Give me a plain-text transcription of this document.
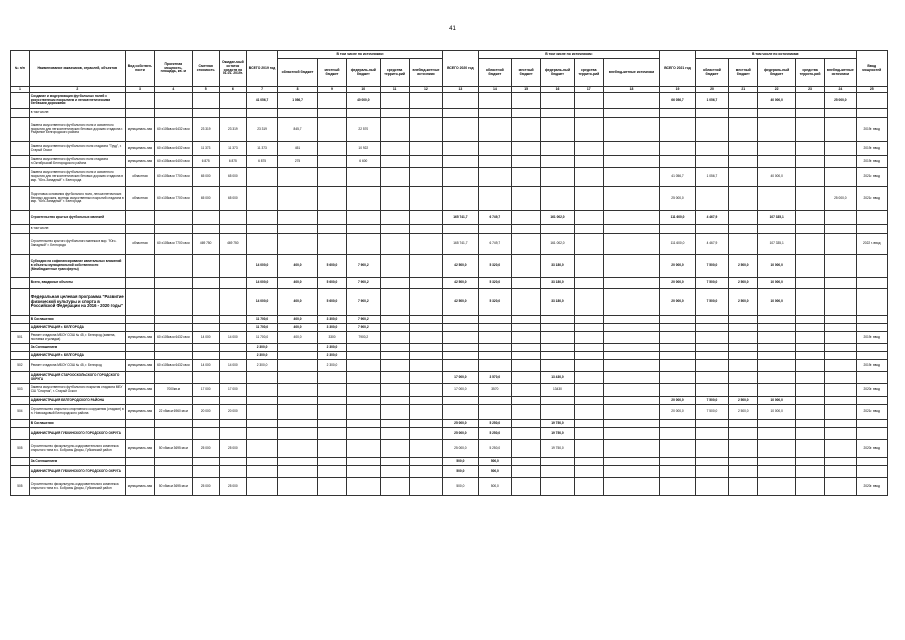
41
№ п/п	Наименование заказчиков, отраслей, объектов	Вид собствен-ности	Проектная мощность, площадь, кв. м	Сметная стоимость	Ожидае-мый остаток средств на 01.01. 2019г.	ВСЕГО 2019 год	В том числе по источникам:					ВСЕГО 2020 год	В том числе по источникам:					ВСЕГО 2021 год	В том числе по источникам:					Ввод мощностей
							областной бюджет	местный бюджет	федераль-ный бюджет	средства террито-рий	внебюд-жетные источники		областной бюджет	местный бюджет	федераль-ный бюджет	средства террито-рий	внебюд-жетные источники		областной бюджет	местный бюджет	федераль-ный бюджет	средства террито-рий	внебюд-жетные источники	
1	2	3	4	5	6	7	8	9	10	11	12	13	14	15	16	17	18	19	20	21	22	23	24	25
	Создание и модернизация футбольных полей с искусственным покрытием и легкоатлетическими беговыми дорожками					41 056,7	1 056,7		40 000,0									66 056,7	1 056,7		40 000,0		25 000,0	
	в том числе:																							
	Замена искусственного футбольного поля и освоенного покрытия для легкоатлетических беговых дорожек стадиона г. Разумное Белгородского района	муниципаль-ная	60 х105кв.м 6432 кв.м	23 319	23 319	23 319	845,7		22 570															2019г. ввод
	Замена искусственного футбольного поля стадиона "Труд", г. Старый Оскол	муниципаль-ная	60 х105кв.м 6432 кв.м	11 373	11 373	11 373	451		10 922															2019г. ввод
	Замена искусственного футбольного поля стадиона п.Октябрьский Белгородского района	муниципаль-ная	60 х105кв.м 6400 кв.м	6 875	6 875	6 875	275		6 600															2019г. ввод
	Замена искусственного футбольного поля и освоенного покрытия для легкоатлетических беговых дорожек стадиона в мкр. "Юго-Западный" г. Белгорода	областная	60 х105кв.м 7700 кв.м	65 000	65 000													41 056,7	1 056,7		40 000,0			2021г. ввод
	Подготовка основания футбольного поля, легкоатлетических беговых дорожек, монтаж искусственных покрытий стадиона в мкр. "Юго-Западный" г. Белгорода	областная	60 х105кв.м 7700 кв.м	65 000	65 000													25 000,0					25 000,0	2021г. ввод
	Строительство крытых футбольных манежей											165 741,7	6 749,7		161 002,0			111 600,0	4 467,9		107 335,1			
	в том числе:																							
	Строительство крытого футбольного манежа в мкр. "Юго-Западный" г. Белгорода	областная	60 х105кв.м 7700 кв.м	469 750	469 750							165 741,7	6 749,7		161 002,0			111 600,0	4 467,9		107 335,1			2022 г. ввод
	Субсидии на софинансирование капитальных вложений в объекты муниципальной собственности (Межбюджетные трансферты)					14 000,0	400,0	5 600,0	7 900,2			42 500,0	5 320,0		33 180,0			20 000,0	7 500,0	2 500,0	10 000,0			
	Всего, вводимые объекты					14 000,0	400,0	5 600,0	7 900,2			42 500,0	5 320,0		33 180,0			20 000,0	7 500,0	2 500,0	10 000,0			
	Федеральная целевая программа "Развитие физической культуры и спорта в Российской Федерации на 2016 - 2020 годы"					14 000,0	400,0	5 600,0	7 900,2			42 500,0	5 320,0		33 180,0			20 000,0	7 500,0	2 500,0	10 000,0			
	В Соглашении					11 700,0	400,0	3 300,0	7 900,2															
	АДМИНИСТРАЦИЯ г. БЕЛГОРОДА					11 700,0	400,0	3 300,0	7 900,2															
501	Ремонт стадиона МБОУ СОШ № 45, г. Белгород (замена, поставка и укладка)	муниципаль-ная	60 х105кв.м 6432 кв.м	14 000	14 000	11 700,0	400,0	3300	7900,2															2019г. ввод
	За Соглашением					2 300,0		2 300,0																
	АДМИНИСТРАЦИЯ г. БЕЛГОРОДА					2 300,0		2 300,0																
502	Ремонт стадиона МБОУ СОШ № 45, г. Белгород	муниципаль-ная	60 х105кв.м 6432 кв.м	14 000	14 000	2 300,0		2 300,0																2019г. ввод
	АДМИНИСТРАЦИЯ СТАРООСКОЛЬСКОГО ГОРОДСКОГО ОКРУГА											17 000,0	3 570,0		13 430,0									
503	Замена искусственного футбольного покрытия стадиона МБУ СШ "Спартак", г. Старый Оскол	муниципаль-ная	7000кв.м	17 000	17 000							17 000,0	3570		13430									2020г. ввод
	АДМИНИСТРАЦИЯ БЕЛГОРОДСКОГО РАЙОНА																	20 000,0	7 500,0	2 500,0	10 000,0			
504	Строительство открытого спортивного сооружения (стадион) в п. Новосадовый Белгородского района	муниципаль-ная	22 х5кв.м 6960 кв.м	20 000	20 000													20 000,0	7 500,0	2 500,0	10 000,0			2021г. ввод
	В Соглашении											25 000,0	5 250,0		19 750,0									
	АДМИНИСТРАЦИЯ ГУБКИНСКОГО ГОРОДСКОГО ОКРУГА											25 000,0	5 250,0		19 750,0									
505	Строительство физкультурно-оздоровительного комплекса открытого типа в с. Бобровы Дворы, Губкинский район	муниципаль-ная	50 х5кв.м 3695 кв.м	25 000	25 000							25 000,0	5 250,0		19 750,0									2020г. ввод
	За Соглашением											500,0	500,0											
	АДМИНИСТРАЦИЯ ГУБКИНСКОГО ГОРОДСКОГО ОКРУГА											500,0	500,0											
505	Строительство физкультурно-оздоровительного комплекса открытого типа в с. Бобровы Дворы, Губкинский район	муниципаль-ная	50 х5кв.м 3695 кв.м	25 000	25 000							500,0	500,0											2020г. ввод
